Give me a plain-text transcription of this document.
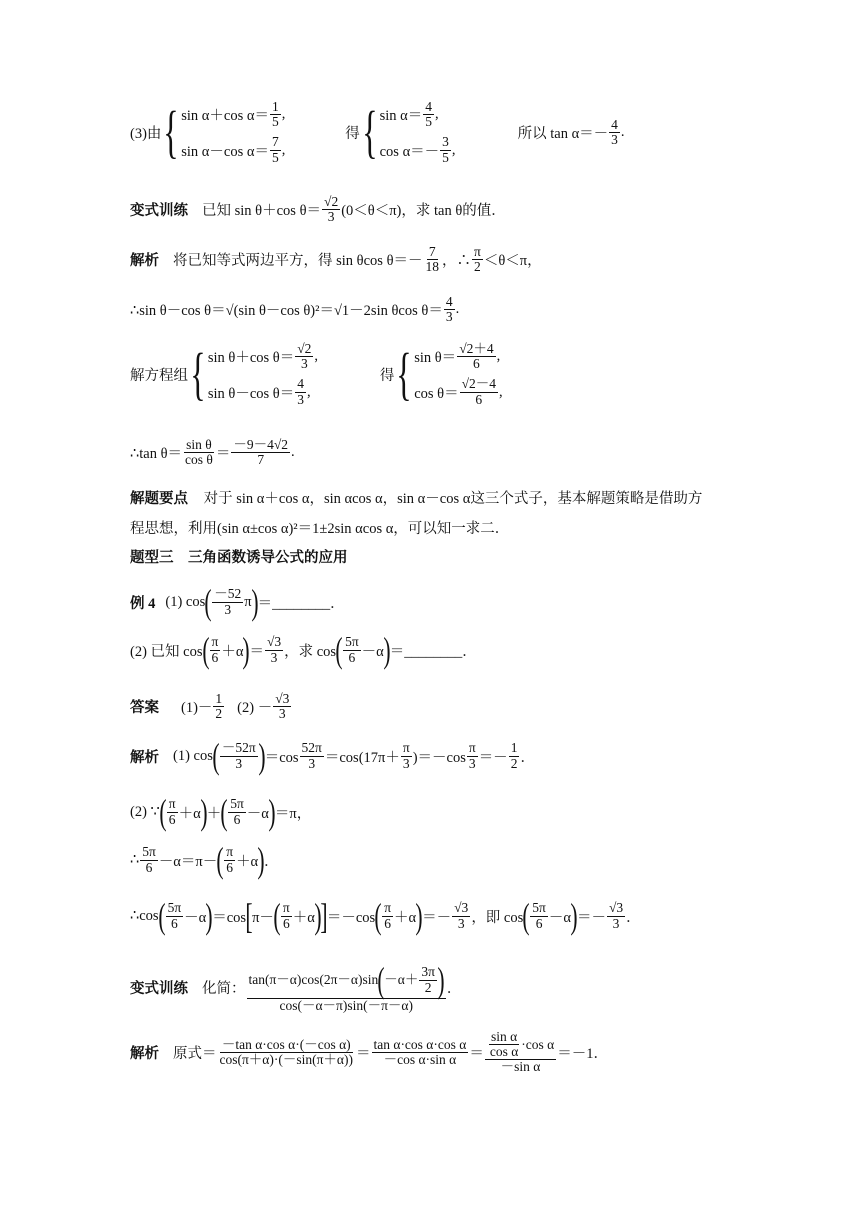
(3)由 { sin α＋cos $\alpha= \frac{1}{5}$ ,
sin α－cos $\alpha= \frac{7}{5}$ ,
得 { $\sin \alpha= \frac{4}{5}$ ,
$\cos \alpha=- \frac{3}{5}$ ,
所以 $\tan \alpha=- \frac{4}{3}$ .
变式训练 已知 sin θ＋cos $\theta= \frac{√2}{3} (0<\theta<\pi)$，求 tan θ的值．
解析 将已知等式两边平方，得 sin θcos $\theta=- \frac{7}{18}$ ，∴ $\frac{\pi}{2} <\theta<\pi$，
∴sin θ－cos θ＝ √(sin θ－cos θ)²＝√1－2sin θcos $\theta= \frac{4}{3}$ .
解方程组 { sin θ＋cos $\theta= \frac{√2}{3}$ ,
sin θ－cos $\theta= \frac{4}{3}$ ,
得 { $\sin \theta= \frac{√2+4}{6}$ ,
$\cos \theta= \frac{√2-4}{6}$ ,
∴tan $\theta= \frac{\text{sin θ}}{\text{cos θ}} = \frac{-9-4√2}{7}$ .
解题要点 对于 sin α＋cos α，sin αcos α，sin α－cos α这三个式子，基本解题策略是借助方
程思想，利用(sin α±cos α)²＝1±2sin αcos α，可以知一求二．
题型三　三角函数诱导公式的应用
例 4 (1) cos ( $\frac{-52}{3}$ π ) ＝________．
(2) 已知 cos ( $\frac{\pi}{6} +\alpha$ ) ＝ $\frac{√3}{3}$ ，求 cos ( $\frac{5\pi}{6} -\alpha$ ) ＝________．
答案 $(1)- \frac{1}{2} (2) - \frac{√3}{3}$
解析 (1) cos ( $\frac{-52\pi}{3}$ ) $=\cos \frac{52\pi}{3} =\cos(17\pi+ \frac{\pi}{3} )=-\cos \frac{\pi}{3} =- \frac{1}{2}$ ．
(2) ∵ ( $\frac{\pi}{6} +\alpha$ ) ＋ ( $\frac{5\pi}{6} -\alpha$ ) ＝π，
∴ $\frac{5\pi}{6} -\alpha=\pi-$ ( $\frac{\pi}{6} +\alpha$ ) ．
∴cos ( $\frac{5\pi}{6} -\alpha$ ) ＝cos [ π－ ( $\frac{\pi}{6} +\alpha$ )
] ＝－cos ( $\frac{\pi}{6} +\alpha$ ) ＝－ $\frac{√3}{3}$ ，即 cos ( $\frac{5\pi}{6} -\alpha$ ) ＝－ $\frac{√3}{3}$ ．
变式训练 化简： $\frac{\tan(\pi-\alpha)\cos(2\pi-\alpha)\sin ( -\alpha+ \frac{3\pi}{2} )}{\cos(-\alpha-\pi)\sin(-\pi-\alpha)}$ ．
解析 原式＝ $\frac{\text{－tan α·cos α·(－cos α)}}{\cos(\pi+\alpha)\cdot(-\sin(\pi+\alpha))} = \frac{\text{tan α·cos α·cos α}}{\text{－cos α·sin α}} = \frac{\frac{\text{sin α}}{\text{cos α}} \cdot\cos \alpha}{\text{－sin α}} =-1$．
